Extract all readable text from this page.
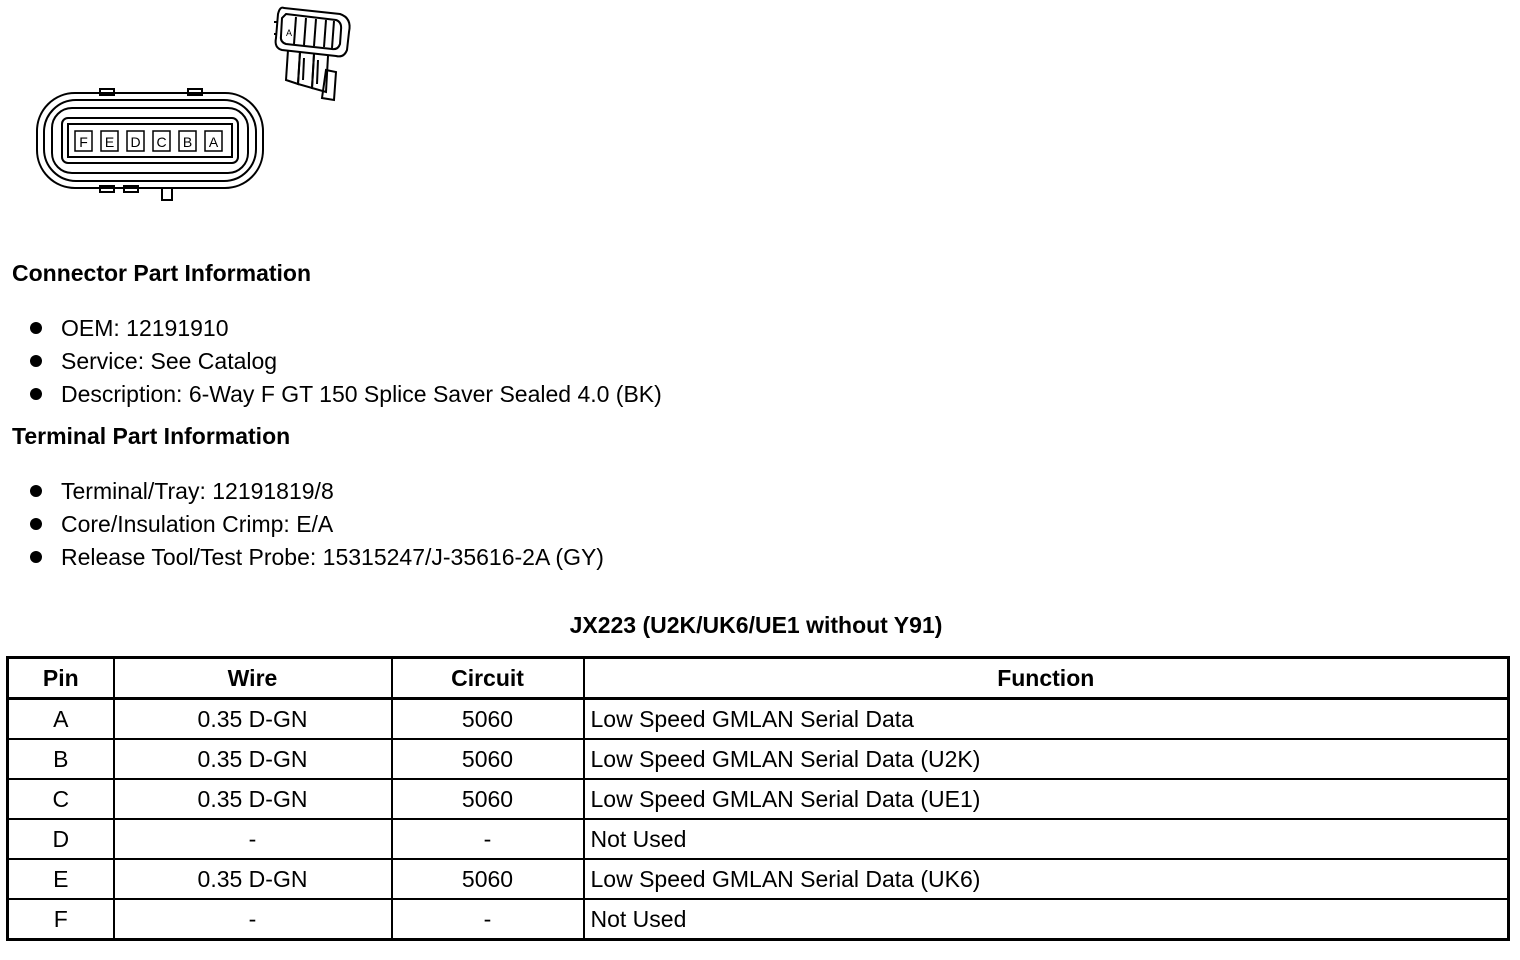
A
F E D C B A
Connector Part Information
OEM: 12191910
Service: See Catalog
Description: 6-Way F GT 150 Splice Saver Sealed 4.0 (BK)
Terminal Part Information
Terminal/Tray: 12191819/8
Core/Insulation Crimp: E/A
Release Tool/Test Probe: 15315247/J-35616-2A (GY)
JX223 (U2K/UK6/UE1 without Y91)
Pin	Wire	Circuit	Function
A	0.35 D-GN	5060	Low Speed GMLAN Serial Data
B	0.35 D-GN	5060	Low Speed GMLAN Serial Data (U2K)
C	0.35 D-GN	5060	Low Speed GMLAN Serial Data (UE1)
D	-	-	Not Used
E	0.35 D-GN	5060	Low Speed GMLAN Serial Data (UK6)
F	-	-	Not Used
